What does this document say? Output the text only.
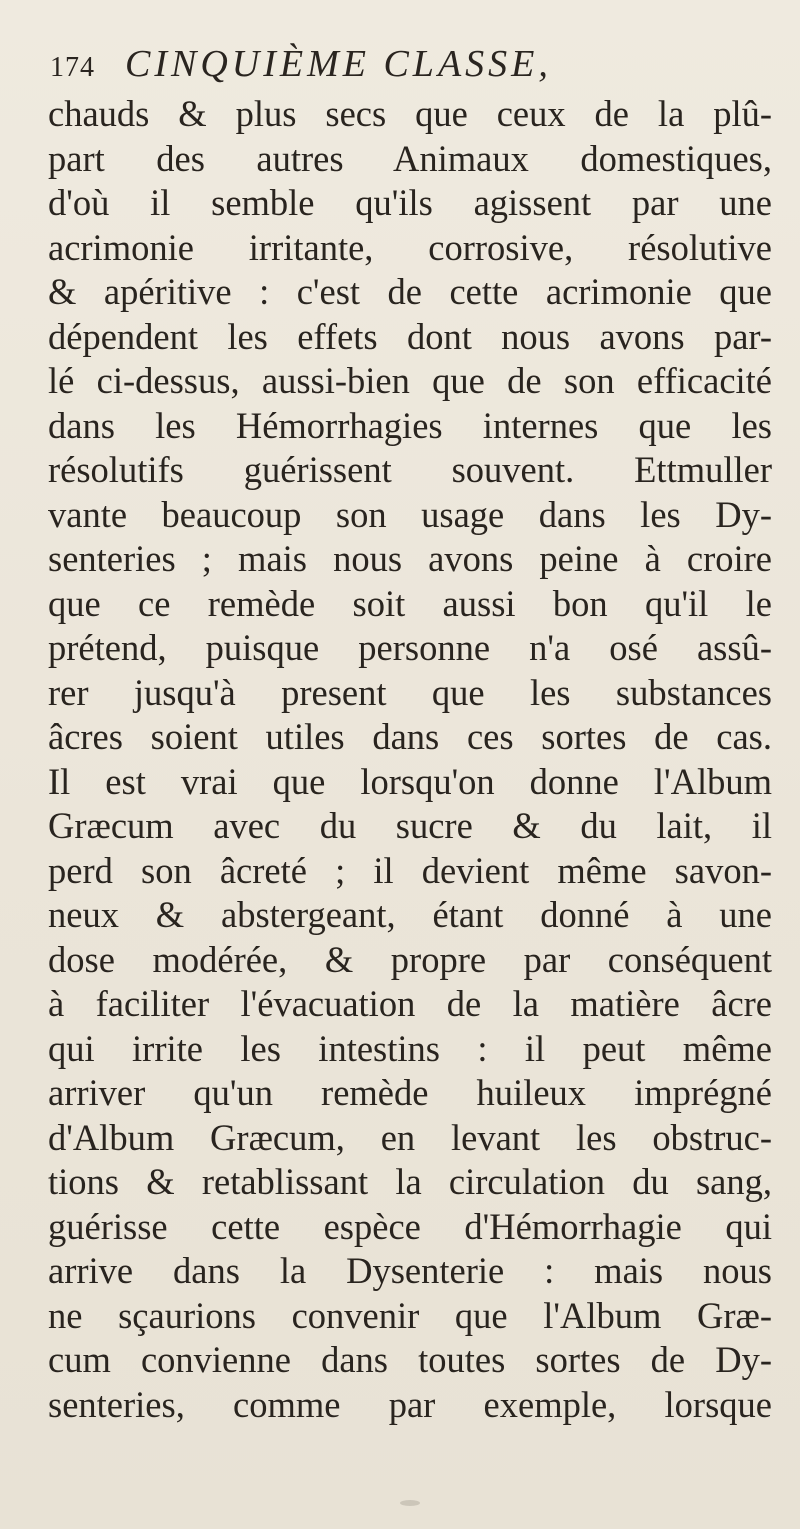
174 CINQUIÈME CLASSE,
chauds & plus secs que ceux de la plû-
part des autres Animaux domestiques,
d'où il semble qu'ils agissent par une
acrimonie irritante, corrosive, résolutive
& apéritive : c'est de cette acrimonie que
dépendent les effets dont nous avons par-
lé ci-dessus, aussi-bien que de son efficacité
dans les Hémorrhagies internes que les
résolutifs guérissent souvent. Ettmuller
vante beaucoup son usage dans les Dy-
senteries ; mais nous avons peine à croire
que ce remède soit aussi bon qu'il le
prétend, puisque personne n'a osé assû-
rer jusqu'à present que les substances
âcres soient utiles dans ces sortes de cas.
Il est vrai que lorsqu'on donne l'Album
Græcum avec du sucre & du lait, il
perd son âcreté ; il devient même savon-
neux & abstergeant, étant donné à une
dose modérée, & propre par conséquent
à faciliter l'évacuation de la matière âcre
qui irrite les intestins : il peut même
arriver qu'un remède huileux imprégné
d'Album Græcum, en levant les obstruc-
tions & retablissant la circulation du sang,
guérisse cette espèce d'Hémorrhagie qui
arrive dans la Dysenterie : mais nous
ne sçaurions convenir que l'Album Græ-
cum convienne dans toutes sortes de Dy-
senteries, comme par exemple, lorsque
